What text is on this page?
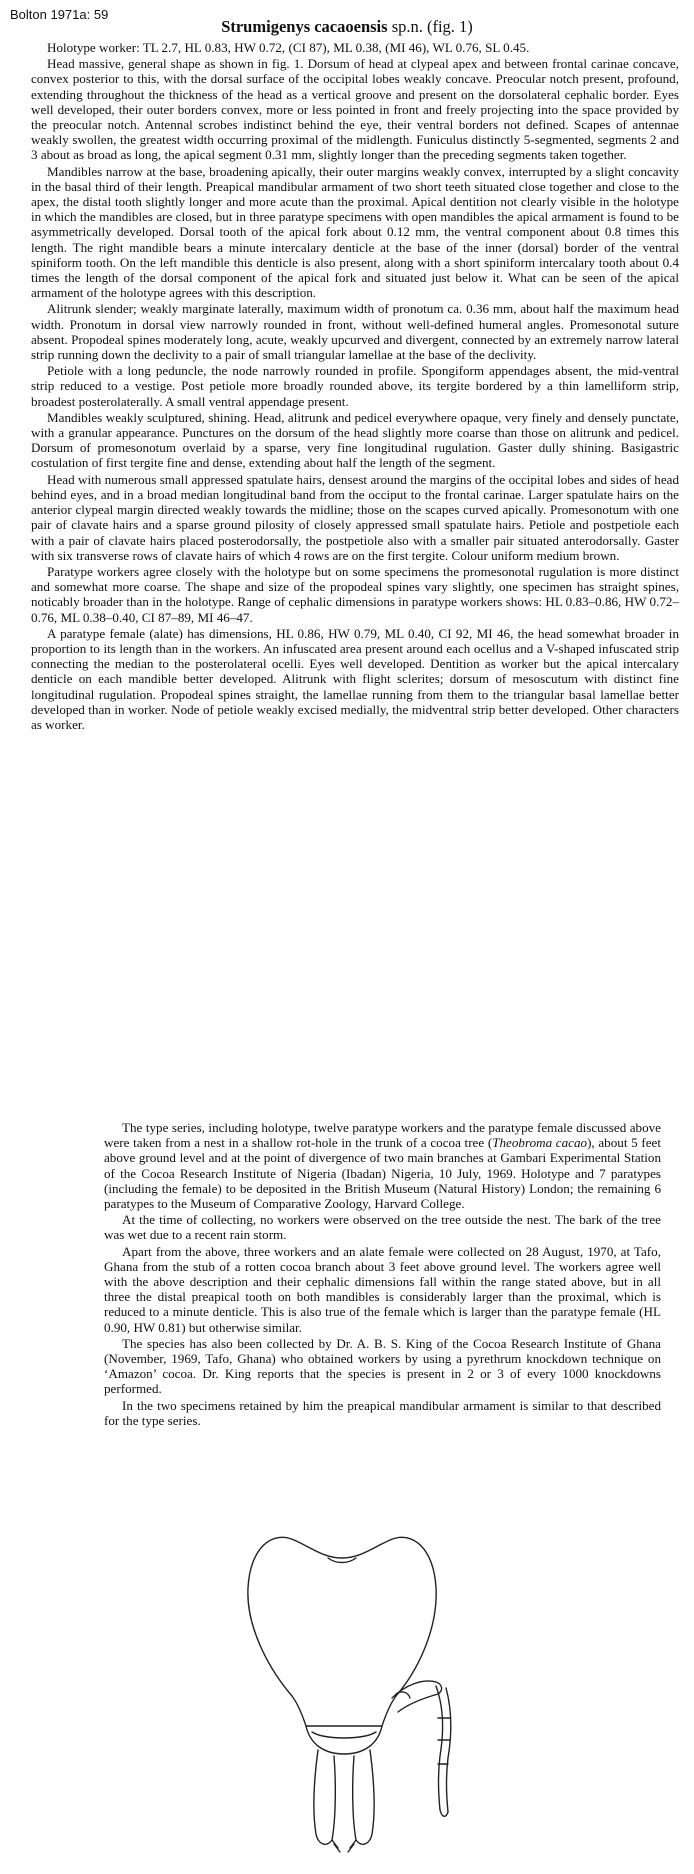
Bolton 1971a: 59
Strumigenys cacaoensis sp.n. (fig. 1)

Holotype worker: TL 2.7, HL 0.83, HW 0.72, (CI 87), ML 0.38, (MI 46), WL 0.76, SL 0.45.

Head massive, general shape as shown in fig. 1. Dorsum of head at clypeal apex and between frontal carinae concave, convex posterior to this, with the dorsal surface of the occipital lobes weakly concave. Preocular notch present, profound, extending throughout the thickness of the head as a vertical groove and present on the dorsolateral cephalic border. Eyes well developed, their outer borders convex, more or less pointed in front and freely projecting into the space provided by the preocular notch. Antennal scrobes indistinct behind the eye, their ventral borders not defined. Scapes of antennae weakly swollen, the greatest width occurring proximal of the midlength. Funiculus distinctly 5-segmented, segments 2 and 3 about as broad as long, the apical segment 0.31 mm, slightly longer than the preceding segments taken together.

Mandibles narrow at the base, broadening apically, their outer margins weakly convex, interrupted by a slight concavity in the basal third of their length. Preapical mandibular armament of two short teeth situated close together and close to the apex, the distal tooth slightly longer and more acute than the proximal. Apical dentition not clearly visible in the holotype in which the mandibles are closed, but in three paratype specimens with open mandibles the apical armament is found to be asymmetrically developed. Dorsal tooth of the apical fork about 0.12 mm, the ventral component about 0.8 times this length. The right mandible bears a minute intercalary denticle at the base of the inner (dorsal) border of the ventral spiniform tooth. On the left mandible this denticle is also present, along with a short spiniform intercalary tooth about 0.4 times the length of the dorsal component of the apical fork and situated just below it. What can be seen of the apical armament of the holotype agrees with this description.

Alitrunk slender; weakly marginate laterally, maximum width of pronotum ca. 0.36 mm, about half the maximum head width. Pronotum in dorsal view narrowly rounded in front, without well-defined humeral angles. Promesonotal suture absent. Propodeal spines moderately long, acute, weakly upcurved and divergent, connected by an extremely narrow lateral strip running down the declivity to a pair of small triangular lamellae at the base of the declivity.

Petiole with a long peduncle, the node narrowly rounded in profile. Spongiform appendages absent, the mid-ventral strip reduced to a vestige. Post petiole more broadly rounded above, its tergite bordered by a thin lamelliform strip, broadest posterolaterally. A small ventral appendage present.

Mandibles weakly sculptured, shining. Head, alitrunk and pedicel everywhere opaque, very finely and densely punctate, with a granular appearance. Punctures on the dorsum of the head slightly more coarse than those on alitrunk and pedicel. Dorsum of promesonotum overlaid by a sparse, very fine longitudinal rugulation. Gaster dully shining. Basigastric costulation of first tergite fine and dense, extending about half the length of the segment.

Head with numerous small appressed spatulate hairs, densest around the margins of the occipital lobes and sides of head behind eyes, and in a broad median longitudinal band from the occiput to the frontal carinae. Larger spatulate hairs on the anterior clypeal margin directed weakly towards the midline; those on the scapes curved apically. Promesonotum with one pair of clavate hairs and a sparse ground pilosity of closely appressed small spatulate hairs. Petiole and postpetiole each with a pair of clavate hairs placed posterodorsally, the postpetiole also with a smaller pair situated anterodorsally. Gaster with six transverse rows of clavate hairs of which 4 rows are on the first tergite. Colour uniform medium brown.

Paratype workers agree closely with the holotype but on some specimens the promesonotal rugulation is more distinct and somewhat more coarse. The shape and size of the propodeal spines vary slightly, one specimen has straight spines, noticably broader than in the holotype. Range of cephalic dimensions in paratype workers shows: HL 0.83–0.86, HW 0.72–0.76, ML 0.38–0.40, CI 87–89, MI 46–47.

A paratype female (alate) has dimensions, HL 0.86, HW 0.79, ML 0.40, CI 92, MI 46, the head somewhat broader in proportion to its length than in the workers. An infuscated area present around each ocellus and a V-shaped infuscated strip connecting the median to the posterolateral ocelli. Eyes well developed. Dentition as worker but the apical intercalary denticle on each mandible better developed. Alitrunk with flight sclerites; dorsum of mesoscutum with distinct fine longitudinal rugulation. Propodeal spines straight, the lamellae running from them to the triangular basal lamellae better developed than in worker. Node of petiole weakly excised medially, the midventral strip better developed. Other characters as worker.

The type series, including holotype, twelve paratype workers and the paratype female discussed above were taken from a nest in a shallow rot-hole in the trunk of a cocoa tree (Theobroma cacao), about 5 feet above ground level and at the point of divergence of two main branches at Gambari Experimental Station of the Cocoa Research Institute of Nigeria (Ibadan) Nigeria, 10 July, 1969. Holotype and 7 paratypes (including the female) to be deposited in the British Museum (Natural History) London; the remaining 6 paratypes to the Museum of Comparative Zoology, Harvard College.

At the time of collecting, no workers were observed on the tree outside the nest. The bark of the tree was wet due to a recent rain storm.

Apart from the above, three workers and an alate female were collected on 28 August, 1970, at Tafo, Ghana from the stub of a rotten cocoa branch about 3 feet above ground level. The workers agree well with the above description and their cephalic dimensions fall within the range stated above, but in all three the distal preapical tooth on both mandibles is considerably larger than the proximal, which is reduced to a minute denticle. This is also true of the female which is larger than the paratype female (HL 0.90, HW 0.81) but otherwise similar.

The species has also been collected by Dr. A. B. S. King of the Cocoa Research Institute of Ghana (November, 1969, Tafo, Ghana) who obtained workers by using a pyrethrum knockdown technique on ‘Amazon’ cocoa. Dr. King reports that the species is present in 2 or 3 of every 1000 knockdowns performed.

In the two specimens retained by him the preapical mandibular armament is similar to that described for the type series.
